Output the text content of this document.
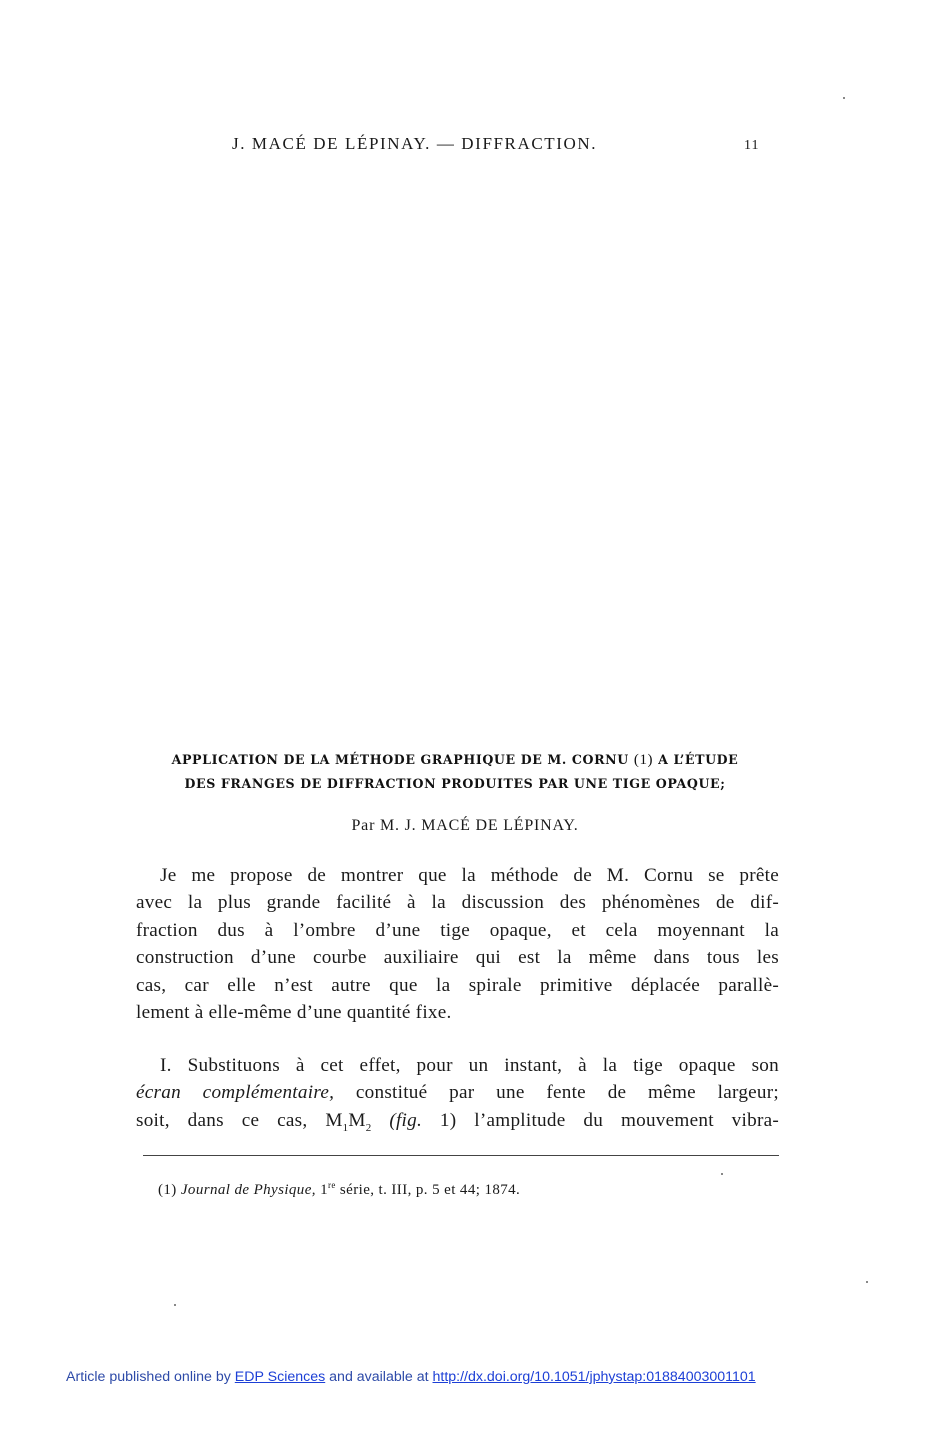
J. MACÉ DE LÉPINAY. — DIFFRACTION.	11
APPLICATION DE LA MÉTHODE GRAPHIQUE DE M. CORNU (1) A L’ÉTUDE
DES FRANGES DE DIFFRACTION PRODUITES PAR UNE TIGE OPAQUE;
Par M. J. MACÉ DE LÉPINAY.
Je me propose de montrer que la méthode de M. Cornu se prête
avec la plus grande facilité à la discussion des phénomènes de dif-
fraction dus à l’ombre d’une tige opaque, et cela moyennant la
construction d’une courbe auxiliaire qui est la même dans tous les
cas, car elle n’est autre que la spirale primitive déplacée parallè-
lement à elle-même d’une quantité fixe.
I. Substituons à cet effet, pour un instant, à la tige opaque son
écran complémentaire, constitué par une fente de même largeur;
soit, dans ce cas, $M_1M_2$ (fig. 1) l’amplitude du mouvement vibra-
(1) Journal de Physique, 1re série, t. III, p. 5 et 44; 1874.
Article published online by EDP Sciences and available at http://dx.doi.org/10.1051/jphystap:01884003001101
